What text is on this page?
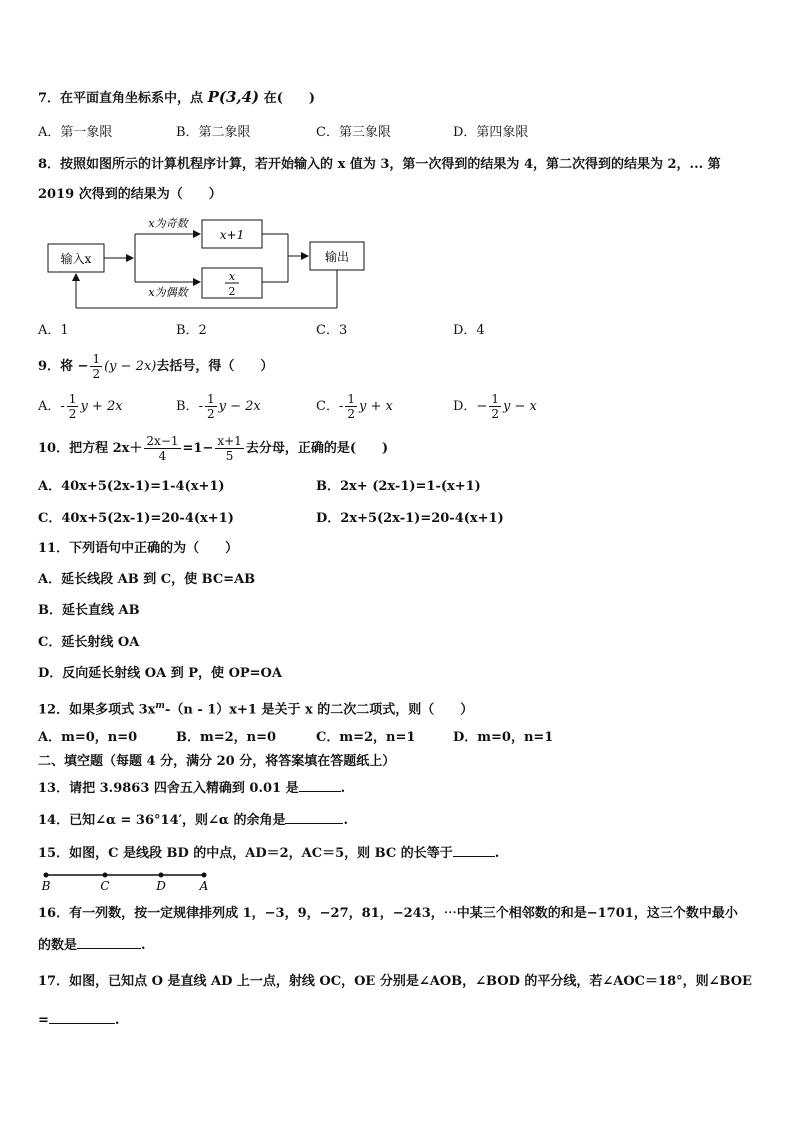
7．在平面直角坐标系中，点 P(3,4) 在(　　)
A．第一象限	B．第二象限	C．第三象限	D．第四象限
8．按照如图所示的计算机程序计算，若开始输入的 x 值为 3，第一次得到的结果为 4，第二次得到的结果为 2，... 第
2019 次得到的结果为（　　）
输入x
x为奇数
x+1
x为偶数
x
2
输出
A．1	B．2	C．3	D．4
9．将 − $\frac{1}{2} (y - 2x)$去括号，得（　　）
A．- $\frac{1}{2}$ y + 2x	B．- $\frac{1}{2}$ y − 2x	C．- $\frac{1}{2}$ y + x	D．− $\frac{1}{2}$ y − x
10．把方程 $2x+ \frac{2x-1}{4} =1- \frac{x+1}{5}$ 去分母，正确的是(　　)
A．40x+5(2x-1)=1-4(x+1)	B．2x+ (2x-1)=1-(x+1)
C．40x+5(2x-1)=20-4(x+1)	D．2x+5(2x-1)=20-4(x+1)
11．下列语句中正确的为（　　）
A．延长线段 AB 到 C，使 BC=AB
B．延长直线 AB
C．延长射线 OA
D．反向延长射线 OA 到 P，使 OP=OA
12．如果多项式 $3x^m-(n - 1)x+1$ 是关于 x 的二次二项式，则（　　）
A．m=0，n=0	B．m=2，n=0	C．m=2，n=1	D．m=0，n=1
二、填空题（每题 4 分，满分 20 分，将答案填在答题纸上）
13．请把 3.9863 四舍五入精确到 0.01 是	.
14．已知∠α = 36°14′，则∠α 的余角是	.
15．如图，C 是线段 BD 的中点，AD＝2，AC＝5，则 BC 的长等于	.
B	C	D	A
16．有一列数，按一定规律排列成 1，−3，9，−27，81，−243，⋯中某三个相邻数的和是−1701，这三个数中最小
的数是	.
17．如图，已知点 O 是直线 AD 上一点，射线 OC，OE 分别是∠AOB，∠BOD 的平分线，若∠AOC＝18°，则∠BOE
=	.
